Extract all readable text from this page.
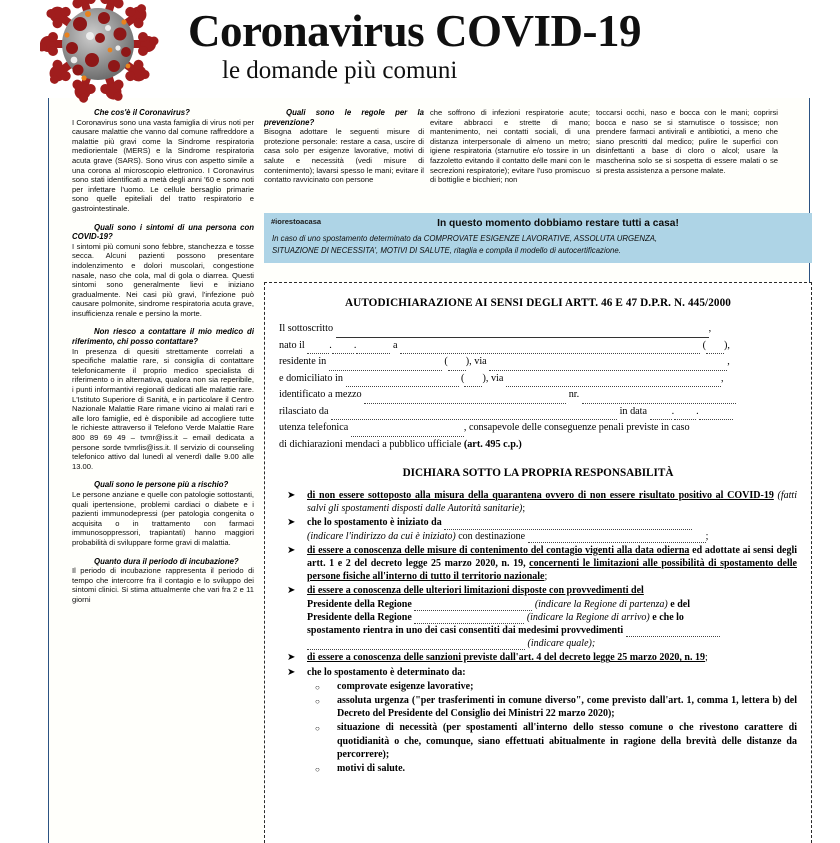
Coronavirus COVID-19
le domande più comuni
Che cos'è il Coronavirus?
I Coronavirus sono una vasta famiglia di virus noti per causare malattie che vanno dal comune raffreddore a malattie più gravi come la Sindrome respiratoria mediorientale (MERS) e la Sindrome respiratoria acuta grave (SARS). Sono virus con aspetto simile a una corona al microscopio elettronico. I Coronavirus sono stati identificati a metà degli anni '60 e sono noti per infettare l'uomo. Le cellule bersaglio primarie sono quelle epiteliali del tratto respiratorio e gastrointestinale.
Quali sono i sintomi di una persona con COVID-19?
I sintomi più comuni sono febbre, stanchezza e tosse secca. Alcuni pazienti possono presentare indolenzimento e dolori muscolari, congestione nasale, naso che cola, mal di gola o diarrea. Questi sintomi sono generalmente lievi e iniziano gradualmente. Nei casi più gravi, l'infezione può causare polmonite, sindrome respiratoria acuta grave, insufficienza renale e persino la morte.
Non riesco a contattare il mio medico di riferimento, chi posso contattare?
In presenza di quesiti strettamente correlati a specifiche malattie rare, si consiglia di contattare telefonicamente il proprio medico specialista di riferimento o in alternativa, qualora non sia reperibile, i punti informantivi regionali dedicati alle malattie rare. L'Istituto Superiore di Sanità, e in particolare il Centro Nazionale Malattie Rare rimane vicino ai malati rari e alle loro famiglie, ed è disponibile ad accogliere tutte le richieste attraverso il Telefono Verde Malattie Rare 800 89 69 49 – tvmr@iss.it – email dedicata a persone sorde tvmrlis@iss.it. Il servizio di counseling telefonico attivo dal lunedì al venerdì dalle 9.00 alle 13.00.
Quali sono le persone più a rischio?
Le persone anziane e quelle con patologie sottostanti, quali ipertensione, problemi cardiaci o diabete e i pazienti immunodepressi (per patologia congenita o acquisita o in trattamento con farmaci immunosoppressori, trapiantati) hanno maggiori probabilità di sviluppare forme gravi di malattia.
Quanto dura il periodo di incubazione?
Il periodo di incubazione rappresenta il periodo di tempo che intercorre fra il contagio e lo sviluppo dei sintomi clinici. Si stima attualmente che vari fra 2 e 11 giorni
Quali sono le regole per la prevenzione?
Bisogna adottare le seguenti misure di protezione personale: restare a casa, uscire di casa solo per esigenze lavorative, motivi di salute e necessità (vedi misure di contenimento); lavarsi spesso le mani; evitare il contatto ravvicinato con persone
che soffrono di infezioni respiratorie acute; evitare abbracci e strette di mano; mantenimento, nei contatti sociali, di una distanza interpersonale di almeno un metro; igiene respiratoria (starnutire e/o tossire in un fazzoletto evitando il contatto delle mani con le secrezioni respiratorie); evitare l'uso promiscuo di bottiglie e bicchieri; non
toccarsi occhi, naso e bocca con le mani; coprirsi bocca e naso se si starnutisce o tossisce; non prendere farmaci antivirali e antibiotici, a meno che siano prescritti dal medico; pulire le superfici con disinfettanti a base di cloro o alcol; usare la mascherina solo se si sospetta di essere malati o se si presta assistenza a persone malate.
#iorestoacasa	In questo momento dobbiamo restare tutti a casa!
In caso di uno spostamento determinato da COMPROVATE ESIGENZE LAVORATIVE, ASSOLUTA URGENZA,
SITUAZIONE DI NECESSITA', MOTIVI DI SALUTE, ritaglia e compila il modello di autocertificazione.
AUTODICHIARAZIONE AI SENSI DEGLI ARTT. 46 E 47 D.P.R. N. 445/2000
Il sottoscritto	,
nato il . .	a	( ),
residente in	( ), via	,
e domiciliato in	( ), via	,
identificato a mezzo	nr.
rilasciato da	in data . .
utenza telefonica	, consapevole delle conseguenze penali previste in caso
di dichiarazioni mendaci a pubblico ufficiale (art. 495 c.p.)
DICHIARA SOTTO LA PROPRIA RESPONSABILITÀ
➤ di non essere sottoposto alla misura della quarantena ovvero di non essere risultato positivo al COVID-19 (fatti salvi gli spostamenti disposti dalle Autorità sanitarie);
➤ che lo spostamento è iniziato da
(indicare l'indirizzo da cui è iniziato) con destinazione	;
➤ di essere a conoscenza delle misure di contenimento del contagio vigenti alla data odierna ed adottate ai sensi degli artt. 1 e 2 del decreto legge 25 marzo 2020, n. 19, concernenti le limitazioni alle possibilità di spostamento delle persone fisiche all'interno di tutto il territorio nazionale;
➤ di essere a conoscenza delle ulteriori limitazioni disposte con provvedimenti del
Presidente della Regione	(indicare la Regione di partenza) e del
Presidente della Regione	(indicare la Regione di arrivo) e che lo
spostamento rientra in uno dei casi consentiti dai medesimi provvedimenti
(indicare quale);
➤ di essere a conoscenza delle sanzioni previste dall'art. 4 del decreto legge 25 marzo 2020, n. 19;
➤ che lo spostamento è determinato da:
○ comprovate esigenze lavorative;
○ assoluta urgenza ("per trasferimenti in comune diverso", come previsto dall'art. 1, comma 1, lettera b) del Decreto del Presidente del Consiglio dei Ministri 22 marzo 2020);
○ situazione di necessità (per spostamenti all'interno dello stesso comune o che rivestono carattere di quotidianità o che, comunque, siano effettuati abitualmente in ragione della brevità delle distanze da percorrere);
○ motivi di salute.
